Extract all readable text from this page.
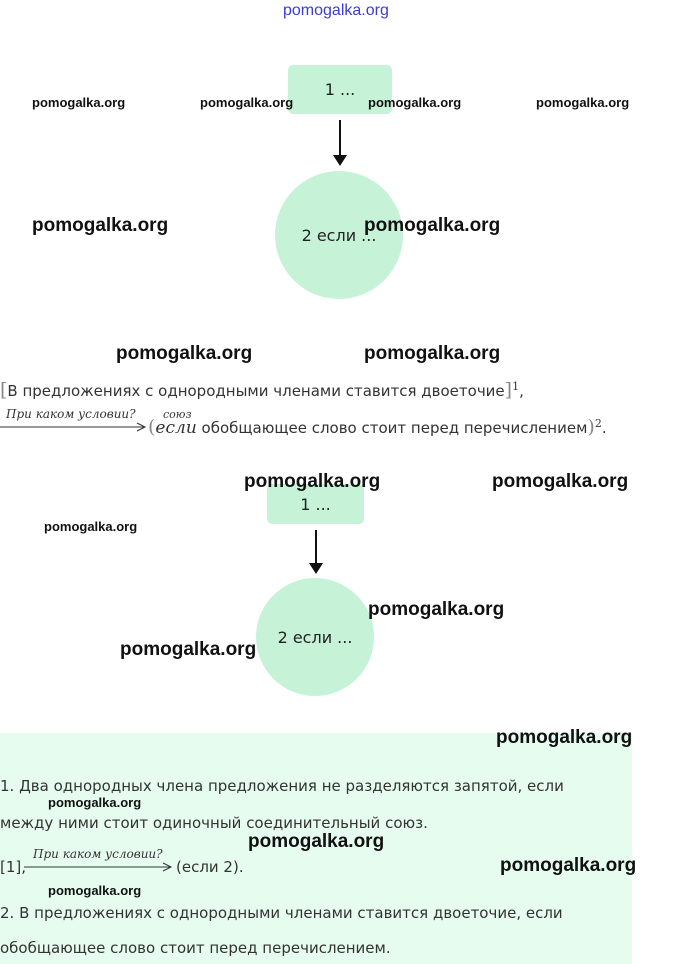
pomogalka.org
1 ...
2 если ...
pomogalka.org	pomogalka.org	pomogalka.org	pomogalka.org
pomogalka.org	pomogalka.org
pomogalka.org	pomogalka.org
[В предложениях с однородными членами ставится двоеточие]$^1$,
При каком условии? союз
(если обобщающее слово стоит перед перечислением)$^2$.
1 ...
2 если ...
pomogalka.org	pomogalka.org
pomogalka.org
pomogalka.org
pomogalka.org
1. Два однородных члена предложения не разделяются запятой, если
между ними стоит одиночный соединительный союз.
[1],
При каком условии?
(если 2).
2. В предложениях с однородными членами ставится двоеточие, если
обобщающее слово стоит перед перечислением.
pomogalka.org
pomogalka.org
pomogalka.org
pomogalka.org
pomogalka.org
